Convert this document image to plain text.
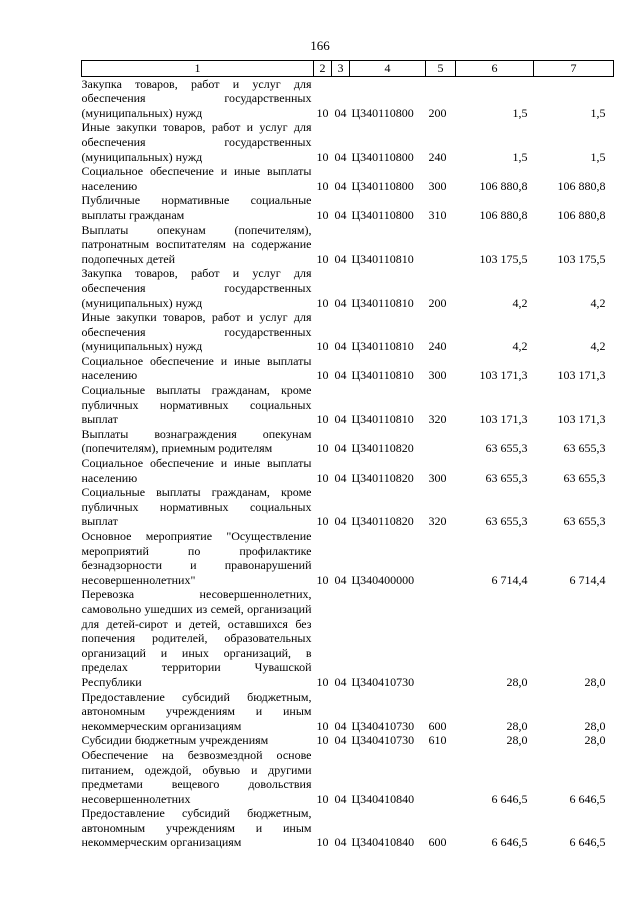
166
1	2	3	4	5	6	7
Закупка товаров, работ и услуг для обеспечения государственных (муниципальных) нужд	10	04	Ц340110800	200	1,5	1,5
Иные закупки товаров, работ и услуг для обеспечения государственных (муниципальных) нужд	10	04	Ц340110800	240	1,5	1,5
Социальное обеспечение и иные выплаты населению	10	04	Ц340110800	300	106 880,8	106 880,8
Публичные нормативные социальные выплаты гражданам	10	04	Ц340110800	310	106 880,8	106 880,8
Выплаты опекунам (попечителям), патронатным воспитателям на содержание подопечных детей	10	04	Ц340110810		103 175,5	103 175,5
Закупка товаров, работ и услуг для обеспечения государственных (муниципальных) нужд	10	04	Ц340110810	200	4,2	4,2
Иные закупки товаров, работ и услуг для обеспечения государственных (муниципальных) нужд	10	04	Ц340110810	240	4,2	4,2
Социальное обеспечение и иные выплаты населению	10	04	Ц340110810	300	103 171,3	103 171,3
Социальные выплаты гражданам, кроме публичных нормативных социальных выплат	10	04	Ц340110810	320	103 171,3	103 171,3
Выплаты вознаграждения опекунам (попечителям), приемным родителям	10	04	Ц340110820		63 655,3	63 655,3
Социальное обеспечение и иные выплаты населению	10	04	Ц340110820	300	63 655,3	63 655,3
Социальные выплаты гражданам, кроме публичных нормативных социальных выплат	10	04	Ц340110820	320	63 655,3	63 655,3
Основное мероприятие "Осуществление мероприятий по профилактике безнадзорности и правонарушений несовершеннолетних"	10	04	Ц340400000		6 714,4	6 714,4
Перевозка несовершеннолетних, самовольно ушедших из семей, организаций для детей-сирот и детей, оставшихся без попечения родителей, образовательных организаций и иных организаций, в пределах территории Чувашской Республики	10	04	Ц340410730		28,0	28,0
Предоставление субсидий бюджетным, автономным учреждениям и иным некоммерческим организациям	10	04	Ц340410730	600	28,0	28,0
Субсидии бюджетным учреждениям	10	04	Ц340410730	610	28,0	28,0
Обеспечение на безвозмездной основе питанием, одеждой, обувью и другими предметами вещевого довольствия несовершеннолетних	10	04	Ц340410840		6 646,5	6 646,5
Предоставление субсидий бюджетным, автономным учреждениям и иным некоммерческим организациям	10	04	Ц340410840	600	6 646,5	6 646,5
